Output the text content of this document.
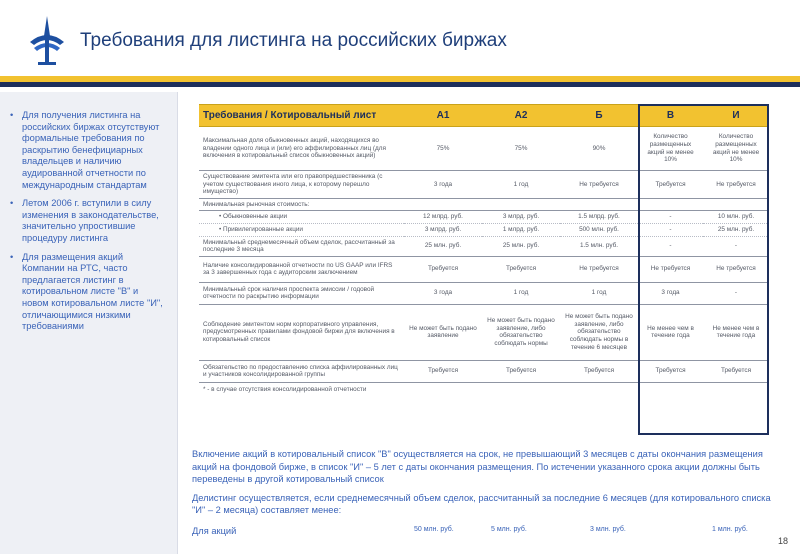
Требования для листинга на российских биржах
• Для получения листинга на российских биржах отсутствуют формальные требования по раскрытию бенефициарных владельцев и наличию аудированной отчетности по международным стандартам
• Летом 2006 г. вступили в силу изменения в законодательстве, значительно упростившие процедуру листинга
• Для размещения акций Компании на РТС, часто предлагается листинг в котировальном листе "В" и новом котировальном листе "И", отличающимися низкими требованиями
Требования / Котировальный лист	А1	А2	Б	В	И
Максимальная доля обыкновенных акций, находящихся во владении одного лица и (или) его аффилированных лиц (для включения в котировальный список обыкновенных акций)	75%	75%	90%	Количество размещенных акций не менее 10%	Количество размещенных акций не менее 10%
Существование эмитента или его правопредшественника (с учетом существования иного лица, к которому перешло имущество)	3 года	1 год	Не требуется	Требуется	Не требуется
Минимальная рыночная стоимость:					
• Обыкновенные акции	12 млрд. руб.	3 млрд. руб.	1.5 млрд. руб.	-	10 млн. руб.
• Привилегированные акции	3 млрд. руб.	1 млрд. руб.	500 млн. руб.	-	25 млн. руб.
Минимальный среднемесячный объем сделок, рассчитанный за последние 3 месяца	25 млн. руб.	25 млн. руб.	1.5 млн. руб.	-	-
Наличие консолидированной отчетности по US GAAP или IFRS за 3 завершенных года с аудиторским заключением	Требуется	Требуется	Не требуется	Не требуется	Не требуется
Минимальный срок наличия проспекта эмиссии / годовой отчетности по раскрытию информации	3 года	1 год	1 год	3 года	-
Соблюдение эмитентом норм корпоративного управления, предусмотренных правилами фондовой биржи для включения в котировальный список	Не может быть подано заявление	Не может быть подано заявление, либо обязательство соблюдать нормы	Не может быть подано заявление, либо обязательство соблюдать нормы в течение 6 месяцев	Не менее чем в течение года	Не менее чем в течение года
Обязательство по предоставлению списка аффилированных лиц и участников консолидированной группы	Требуется	Требуется	Требуется	Требуется	Требуется
* - в случае отсутствия консолидированной отчетности

Включение акций в котировальный список "В" осуществляется на срок, не превышающий 3 месяцев с даты окончания размещения акций на фондовой бирже, в список "И" – 5 лет с даты окончания размещения. По истечении указанного срока акции должны быть переведены в другой котировальный список

Делистинг осуществляется, если среднемесячный объем сделок, рассчитанный за последние 6 месяцев (для котировального списка "И" – 2 месяца) составляет менее:

Для акций	50 млн. руб.	5 млн. руб.	3 млн. руб.	1 млн. руб.
18
